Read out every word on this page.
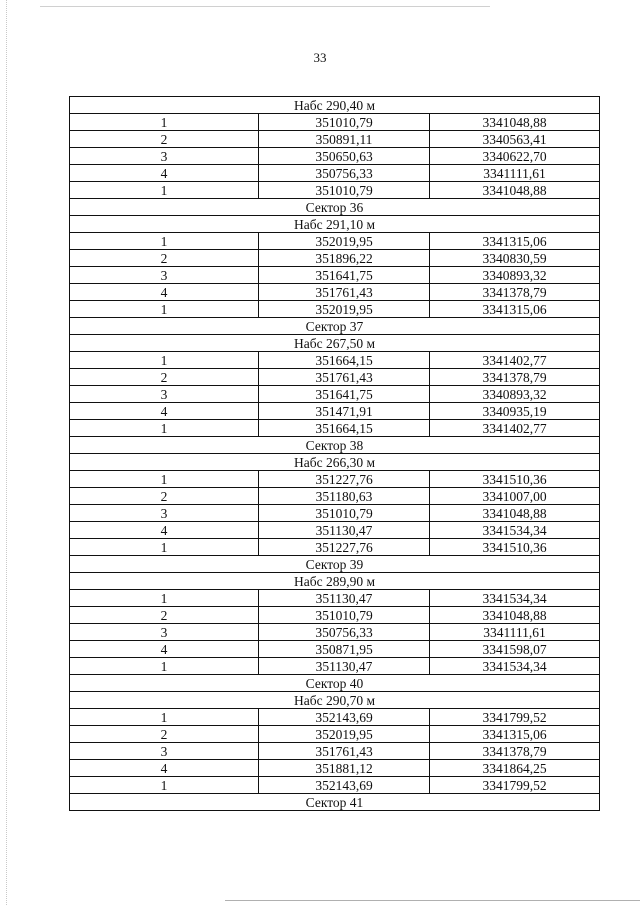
33
Набс 290,40 м		
1	351010,79	3341048,88
2	350891,11	3340563,41
3	350650,63	3340622,70
4	350756,33	3341111,61
1	351010,79	3341048,88
Сектор 36		
Набс 291,10 м		
1	352019,95	3341315,06
2	351896,22	3340830,59
3	351641,75	3340893,32
4	351761,43	3341378,79
1	352019,95	3341315,06
Сектор 37		
Набс 267,50 м		
1	351664,15	3341402,77
2	351761,43	3341378,79
3	351641,75	3340893,32
4	351471,91	3340935,19
1	351664,15	3341402,77
Сектор 38		
Набс 266,30 м		
1	351227,76	3341510,36
2	351180,63	3341007,00
3	351010,79	3341048,88
4	351130,47	3341534,34
1	351227,76	3341510,36
Сектор 39		
Набс 289,90 м		
1	351130,47	3341534,34
2	351010,79	3341048,88
3	350756,33	3341111,61
4	350871,95	3341598,07
1	351130,47	3341534,34
Сектор 40		
Набс 290,70 м		
1	352143,69	3341799,52
2	352019,95	3341315,06
3	351761,43	3341378,79
4	351881,12	3341864,25
1	352143,69	3341799,52
Сектор 41		
